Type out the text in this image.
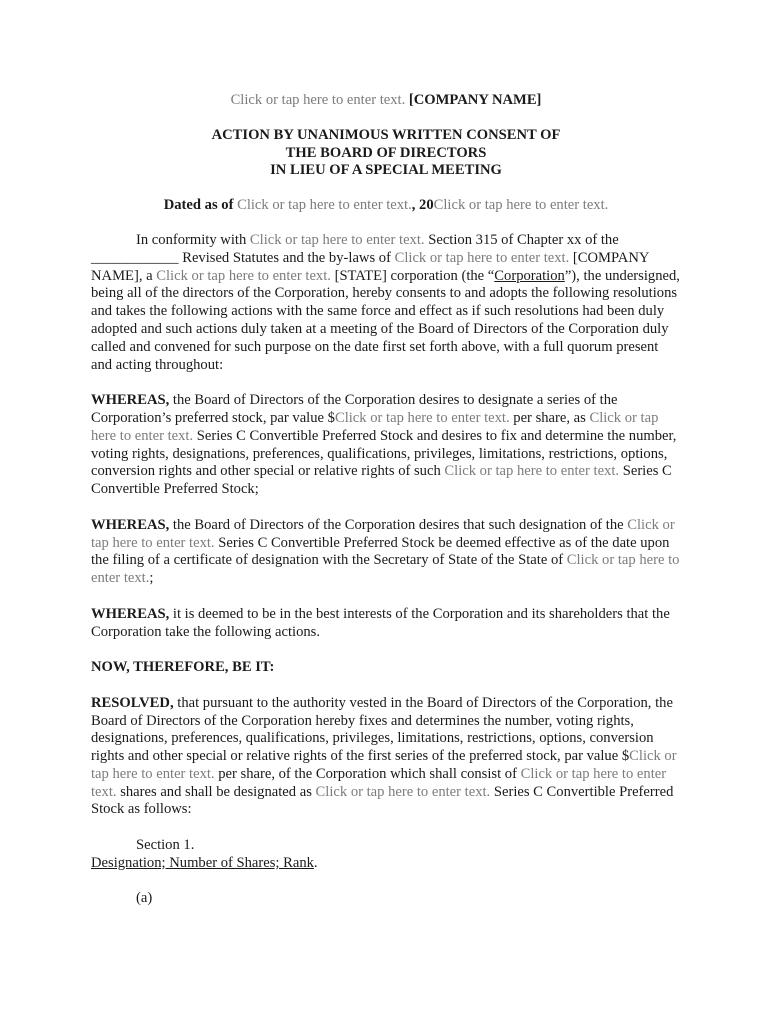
Click or tap here to enter text. [COMPANY NAME]

ACTION BY UNANIMOUS WRITTEN CONSENT OF

THE BOARD OF DIRECTORS

IN LIEU OF A SPECIAL MEETING

Dated as of Click or tap here to enter text., 20Click or tap here to enter text.

In conformity with Click or tap here to enter text. Section 315 of Chapter xx of the ____________ Revised Statutes and the by-laws of Click or tap here to enter text. [COMPANY NAME], a Click or tap here to enter text. [STATE] corporation (the “Corporation”), the undersigned, being all of the directors of the Corporation, hereby consents to and adopts the following resolutions and takes the following actions with the same force and effect as if such resolutions had been duly adopted and such actions duly taken at a meeting of the Board of Directors of the Corporation duly called and convened for such purpose on the date first set forth above, with a full quorum present and acting throughout:

WHEREAS, the Board of Directors of the Corporation desires to designate a series of the Corporation’s preferred stock, par value $Click or tap here to enter text. per share, as Click or tap here to enter text. Series C Convertible Preferred Stock and desires to fix and determine the number, voting rights, designations, preferences, qualifications, privileges, limitations, restrictions, options, conversion rights and other special or relative rights of such Click or tap here to enter text. Series C Convertible Preferred Stock;

WHEREAS, the Board of Directors of the Corporation desires that such designation of the Click or tap here to enter text. Series C Convertible Preferred Stock be deemed effective as of the date upon the filing of a certificate of designation with the Secretary of State of the State of Click or tap here to enter text.;

WHEREAS, it is deemed to be in the best interests of the Corporation and its shareholders that the Corporation take the following actions.

NOW, THEREFORE, BE IT:

RESOLVED, that pursuant to the authority vested in the Board of Directors of the Corporation, the Board of Directors of the Corporation hereby fixes and determines the number, voting rights, designations, preferences, qualifications, privileges, limitations, restrictions, options, conversion rights and other special or relative rights of the first series of the preferred stock, par value $Click or tap here to enter text. per share, of the Corporation which shall consist of Click or tap here to enter text. shares and shall be designated as Click or tap here to enter text. Series C Convertible Preferred Stock as follows:

Section 1.

Designation; Number of Shares; Rank.

(a)
